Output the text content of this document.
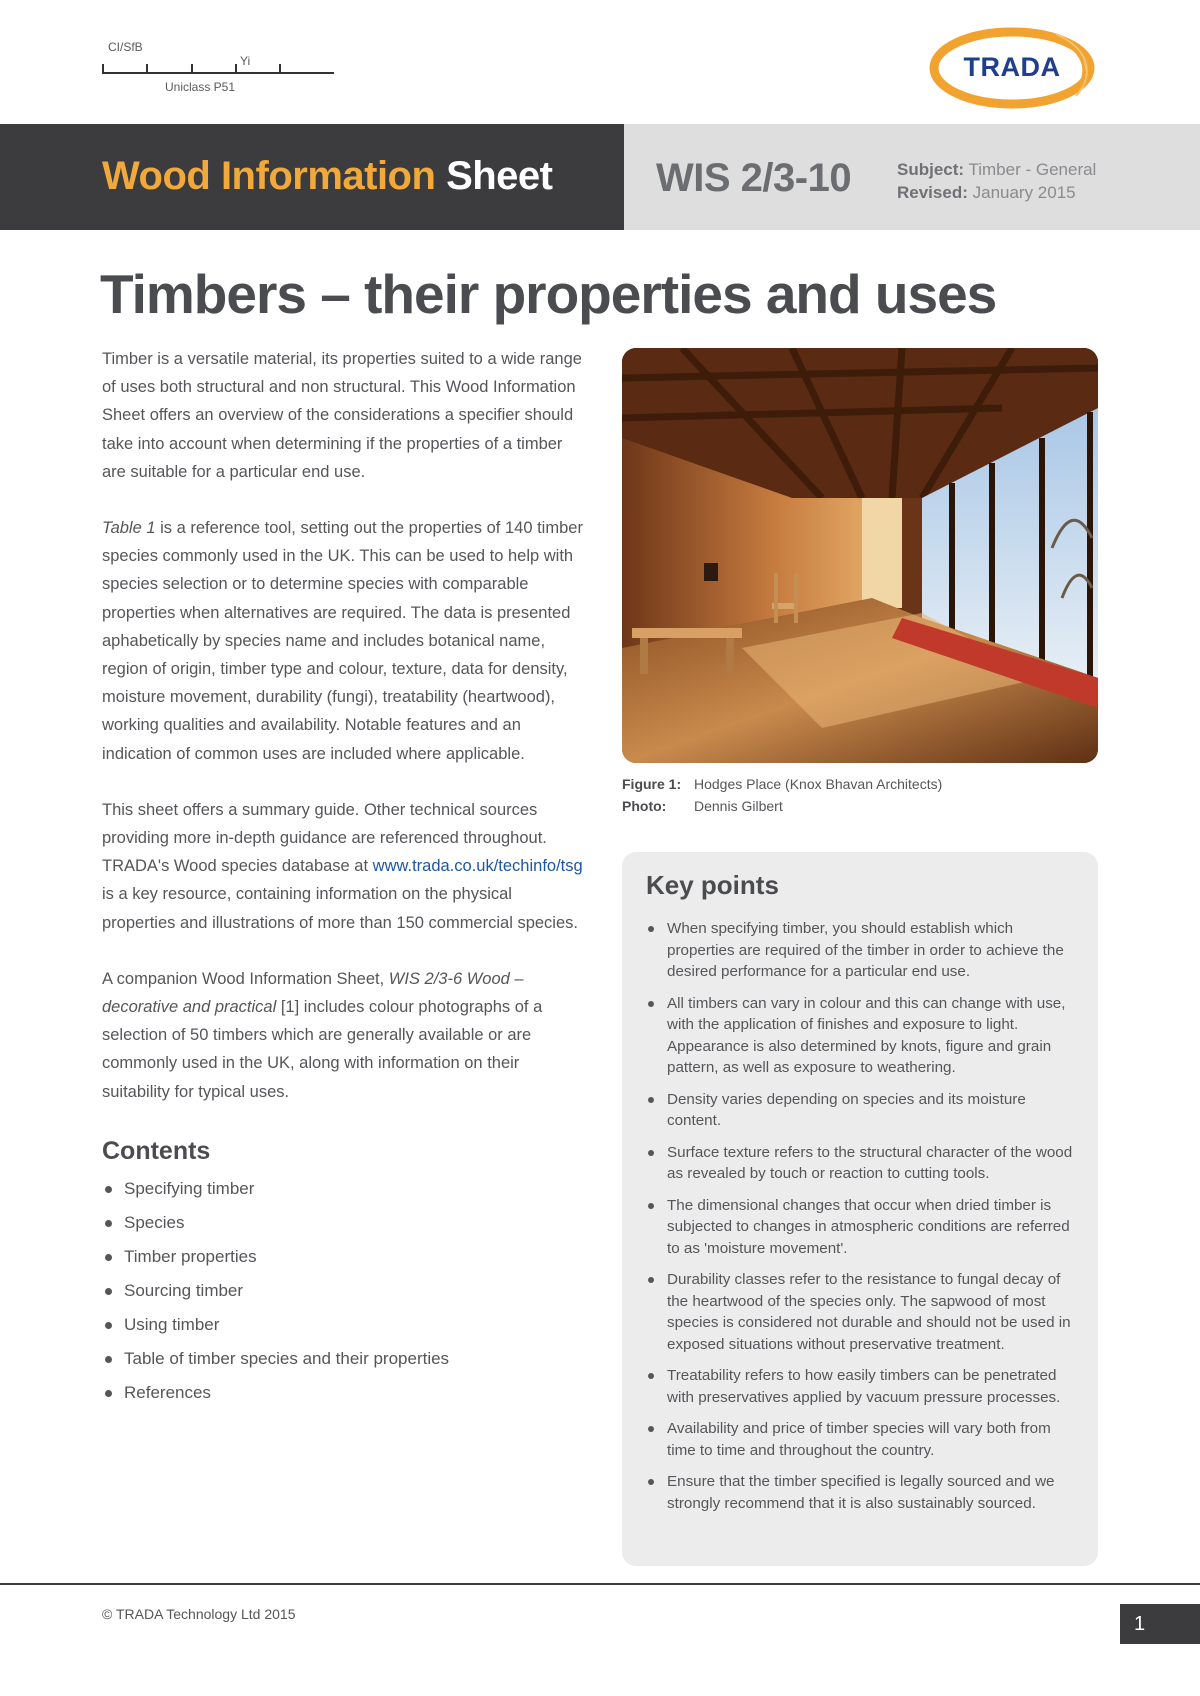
CI/SfB
Yi
Uniclass P51
TRADA
Wood Information Sheet	WIS 2/3-10	Subject: Timber - General
Revised: January 2015
Timbers – their properties and uses

Timber is a versatile material, its properties suited to a wide range of uses both structural and non structural. This Wood Information Sheet offers an overview of the considerations a specifier should take into account when determining if the properties of a timber are suitable for a particular end use.

Table 1 is a reference tool, setting out the properties of 140 timber species commonly used in the UK. This can be used to help with species selection or to determine species with comparable properties when alternatives are required. The data is presented aphabetically by species name and includes botanical name, region of origin, timber type and colour, texture, data for density, moisture movement, durability (fungi), treatability (heartwood), working qualities and availability. Notable features and an indication of common uses are included where applicable.

This sheet offers a summary guide. Other technical sources providing more in-depth guidance are referenced throughout. TRADA's Wood species database at www.trada.co.uk/techinfo/tsg is a key resource, containing information on the physical properties and illustrations of more than 150 commercial species.

A companion Wood Information Sheet, WIS 2/3-6 Wood – decorative and practical [1] includes colour photographs of a selection of 50 timbers which are generally available or are commonly used in the UK, along with information on their suitability for typical uses.

Contents
Specifying timber
Species
Timber properties
Sourcing timber
Using timber
Table of timber species and their properties
References
Figure 1: Hodges Place (Knox Bhavan Architects)
Photo: Dennis Gilbert
Key points
When specifying timber, you should establish which properties are required of the timber in order to achieve the desired performance for a particular end use.
All timbers can vary in colour and this can change with use, with the application of finishes and exposure to light. Appearance is also determined by knots, figure and grain pattern, as well as exposure to weathering.
Density varies depending on species and its moisture content.
Surface texture refers to the structural character of the wood as revealed by touch or reaction to cutting tools.
The dimensional changes that occur when dried timber is subjected to changes in atmospheric conditions are referred to as 'moisture movement'.
Durability classes refer to the resistance to fungal decay of the heartwood of the species only. The sapwood of most species is considered not durable and should not be used in exposed situations without preservative treatment.
Treatability refers to how easily timbers can be penetrated with preservatives applied by vacuum pressure processes.
Availability and price of timber species will vary both from time to time and throughout the country.
Ensure that the timber specified is legally sourced and we strongly recommend that it is also sustainably sourced.
© TRADA Technology Ltd 2015	1
